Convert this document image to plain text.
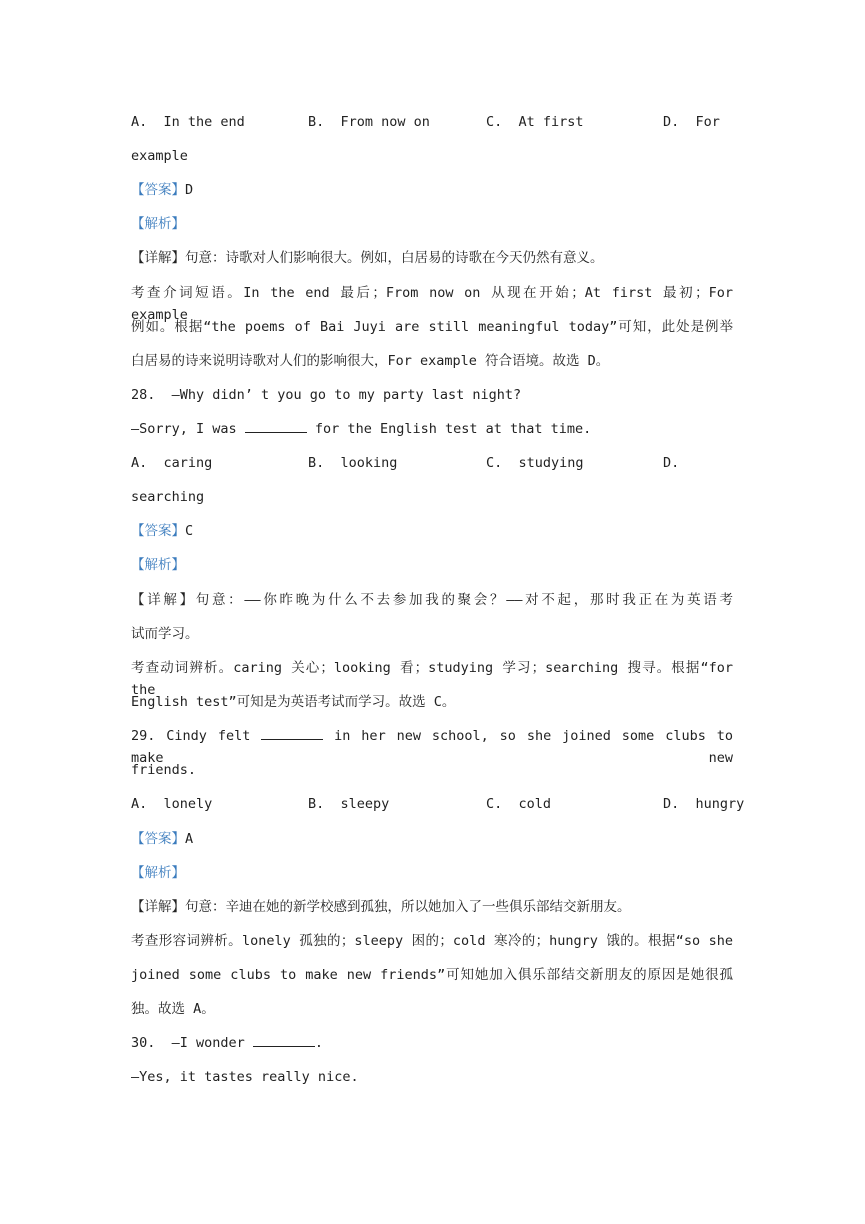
A.  In the end

	B.  From now on

	C.  At first

	D.  For

example
【答案】D
【解析】
【详解】句意：诗歌对人们影响很大。例如，白居易的诗歌在今天仍然有意义。
考查介词短语。In the end 最后；From now on 从现在开始；At first 最初；For example
例如。根据“the poems of Bai Juyi are still meaningful today”可知，此处是例举
白居易的诗来说明诗歌对人们的影响很大，For example 符合语境。故选 D。
28.  —Why didn’ t you go to my party last night?
—Sorry, I was	for the English test at that time.

A.  caring

	B.  looking

	C.  studying

	D.

searching
【答案】C
【解析】
【详解】句意：——你昨晚为什么不去参加我的聚会？——对不起，那时我正在为英语考
试而学习。
考查动词辨析。caring 关心；looking 看；studying 学习；searching 搜寻。根据“for the
English test”可知是为英语考试而学习。故选 C。
29. Cindy felt	in her new school, so she joined some clubs to make new
friends.

A.  lonely

	B.  sleepy

	C.  cold

	D.  hungry

【答案】A
【解析】
【详解】句意：辛迪在她的新学校感到孤独，所以她加入了一些俱乐部结交新朋友。
考查形容词辨析。lonely 孤独的；sleepy 困的；cold 寒冷的；hungry 饿的。根据“so she
joined some clubs to make new friends”可知她加入俱乐部结交新朋友的原因是她很孤
独。故选 A。
30.  —I wonder	.
—Yes, it tastes really nice.
